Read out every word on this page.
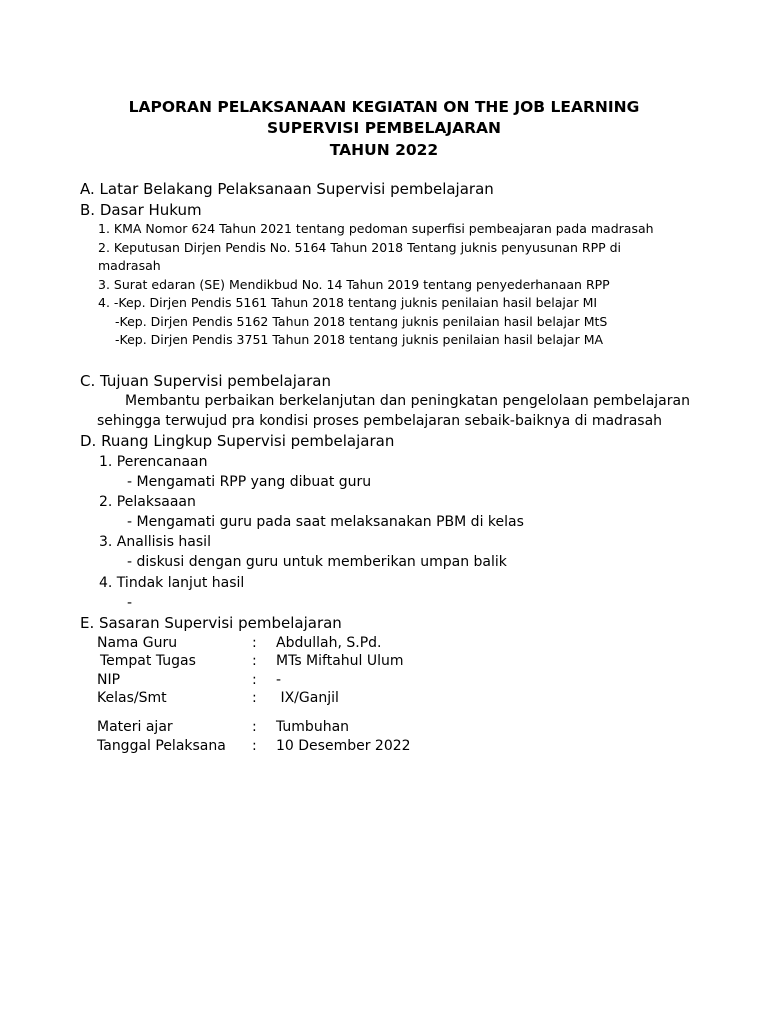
LAPORAN PELAKSANAAN KEGIATAN ON THE JOB LEARNING
SUPERVISI PEMBELAJARAN
TAHUN 2022
A. Latar Belakang Pelaksanaan Supervisi pembelajaran
B. Dasar Hukum
1. KMA Nomor 624 Tahun 2021 tentang pedoman superfisi pembeajaran pada madrasah
2. Keputusan Dirjen Pendis No. 5164 Tahun 2018 Tentang juknis penyusunan RPP di
madrasah
3. Surat edaran (SE) Mendikbud No. 14 Tahun 2019 tentang penyederhanaan RPP
4. -Kep. Dirjen Pendis 5161 Tahun 2018 tentang juknis penilaian hasil belajar MI
-Kep. Dirjen Pendis 5162 Tahun 2018 tentang juknis penilaian hasil belajar MtS
-Kep. Dirjen Pendis 3751 Tahun 2018 tentang juknis penilaian hasil belajar MA
C. Tujuan Supervisi pembelajaran
Membantu perbaikan berkelanjutan dan peningkatan pengelolaan pembelajaran
sehingga terwujud pra kondisi proses pembelajaran sebaik-baiknya di madrasah
D. Ruang Lingkup Supervisi pembelajaran
1. Perencanaan
- Mengamati RPP yang dibuat guru
2. Pelaksaaan
- Mengamati guru pada saat melaksanakan PBM di kelas
3. Anallisis hasil
- diskusi dengan guru untuk memberikan umpan balik
4. Tindak lanjut hasil
-
E. Sasaran Supervisi pembelajaran
Nama Guru	: Abdullah, S.Pd.
Tempat Tugas	: MTs Miftahul Ulum
NIP	: -
Kelas/Smt	: IX/Ganjil
Materi ajar	: Tumbuhan
Tanggal Pelaksana : 10 Desember 2022
